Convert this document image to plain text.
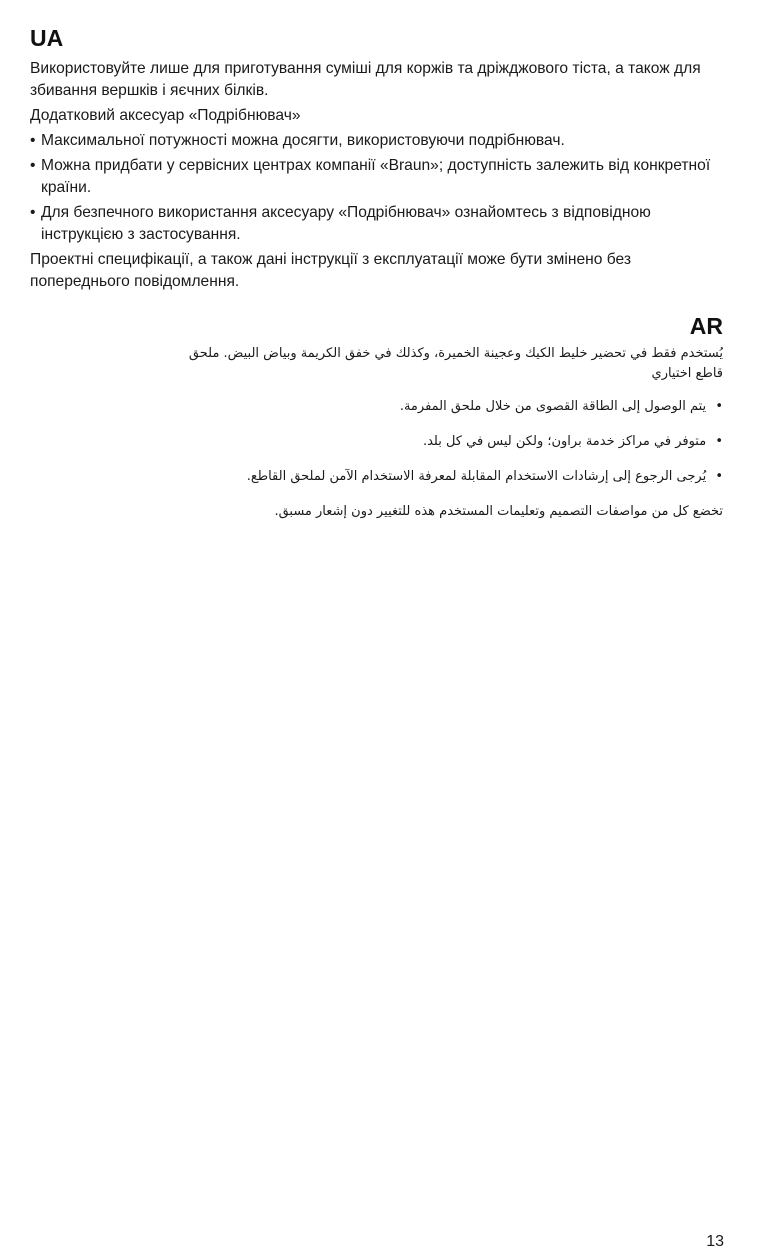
UA

Використовуйте лише для приготування суміші для коржів та дріжджового тіста, а також для збивання вершків і яєчних білків.

Додатковий аксесуар «Подрібнювач»

• Максимальної потужності можна досягти, використовуючи подрібнювач.
• Можна придбати у сервісних центрах компанії «Braun»; доступність залежить від конкретної країни.
• Для безпечного використання аксесуару «Подрібнювач» ознайомтесь з відповідною інструкцією з застосування.

Проектні специфікації, а також дані інструкції з експлуатації може бути змінено без попереднього повідомлення.

AR

يُستخدم فقط في تحضير خليط الكيك وعجينة الخميرة، وكذلك في خفق الكريمة وبياض البيض. ملحق قاطع اختياري

• يتم الوصول إلى الطاقة القصوى من خلال ملحق المفرمة.
• متوفر في مراكز خدمة براون؛ ولكن ليس في كل بلد.
• يُرجى الرجوع إلى إرشادات الاستخدام المقابلة لمعرفة الاستخدام الآمن لملحق القاطع.

تخضع كل من مواصفات التصميم وتعليمات المستخدم هذه للتغيير دون إشعار مسبق.

13
